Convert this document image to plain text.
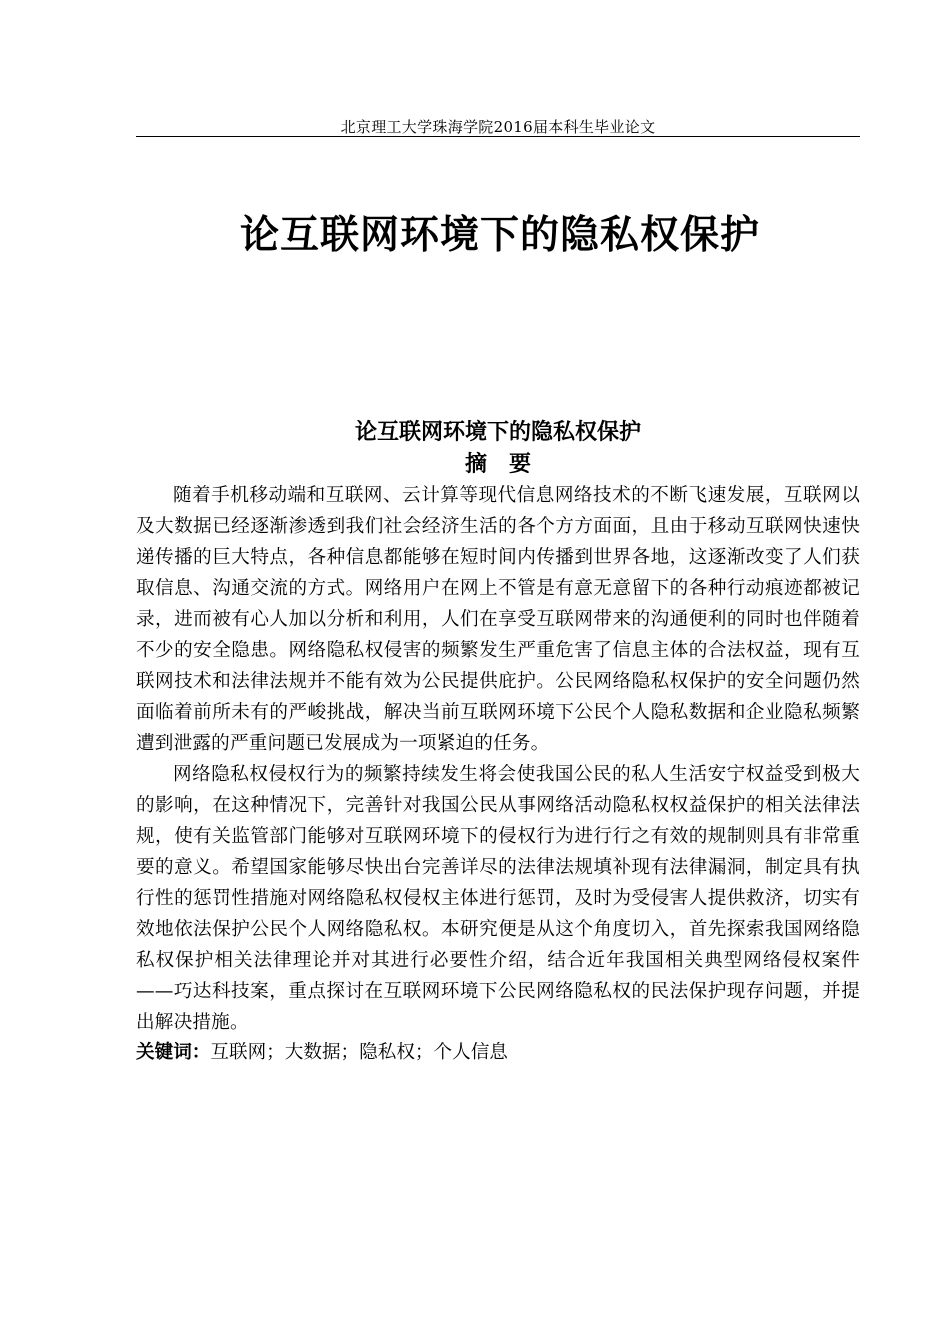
北京理工大学珠海学院2016届本科生毕业论文
论互联网环境下的隐私权保护
论互联网环境下的隐私权保护
摘要

随着手机移动端和互联网、云计算等现代信息网络技术的不断飞速发展，互联网以及大数据已经逐渐渗透到我们社会经济生活的各个方方面面，且由于移动互联网快速快递传播的巨大特点，各种信息都能够在短时间内传播到世界各地，这逐渐改变了人们获取信息、沟通交流的方式。网络用户在网上不管是有意无意留下的各种行动痕迹都被记录，进而被有心人加以分析和利用，人们在享受互联网带来的沟通便利的同时也伴随着不少的安全隐患。网络隐私权侵害的频繁发生严重危害了信息主体的合法权益，现有互联网技术和法律法规并不能有效为公民提供庇护。公民网络隐私权保护的安全问题仍然面临着前所未有的严峻挑战，解决当前互联网环境下公民个人隐私数据和企业隐私频繁遭到泄露的严重问题已发展成为一项紧迫的任务。

网络隐私权侵权行为的频繁持续发生将会使我国公民的私人生活安宁权益受到极大的影响，在这种情况下，完善针对我国公民从事网络活动隐私权权益保护的相关法律法规，使有关监管部门能够对互联网环境下的侵权行为进行行之有效的规制则具有非常重要的意义。希望国家能够尽快出台完善详尽的法律法规填补现有法律漏洞，制定具有执行性的惩罚性措施对网络隐私权侵权主体进行惩罚，及时为受侵害人提供救济，切实有效地依法保护公民个人网络隐私权。本研究便是从这个角度切入，首先探索我国网络隐私权保护相关法律理论并对其进行必要性介绍，结合近年我国相关典型网络侵权案件——巧达科技案，重点探讨在互联网环境下公民网络隐私权的民法保护现存问题，并提出解决措施。

关键词：互联网；大数据；隐私权；个人信息
